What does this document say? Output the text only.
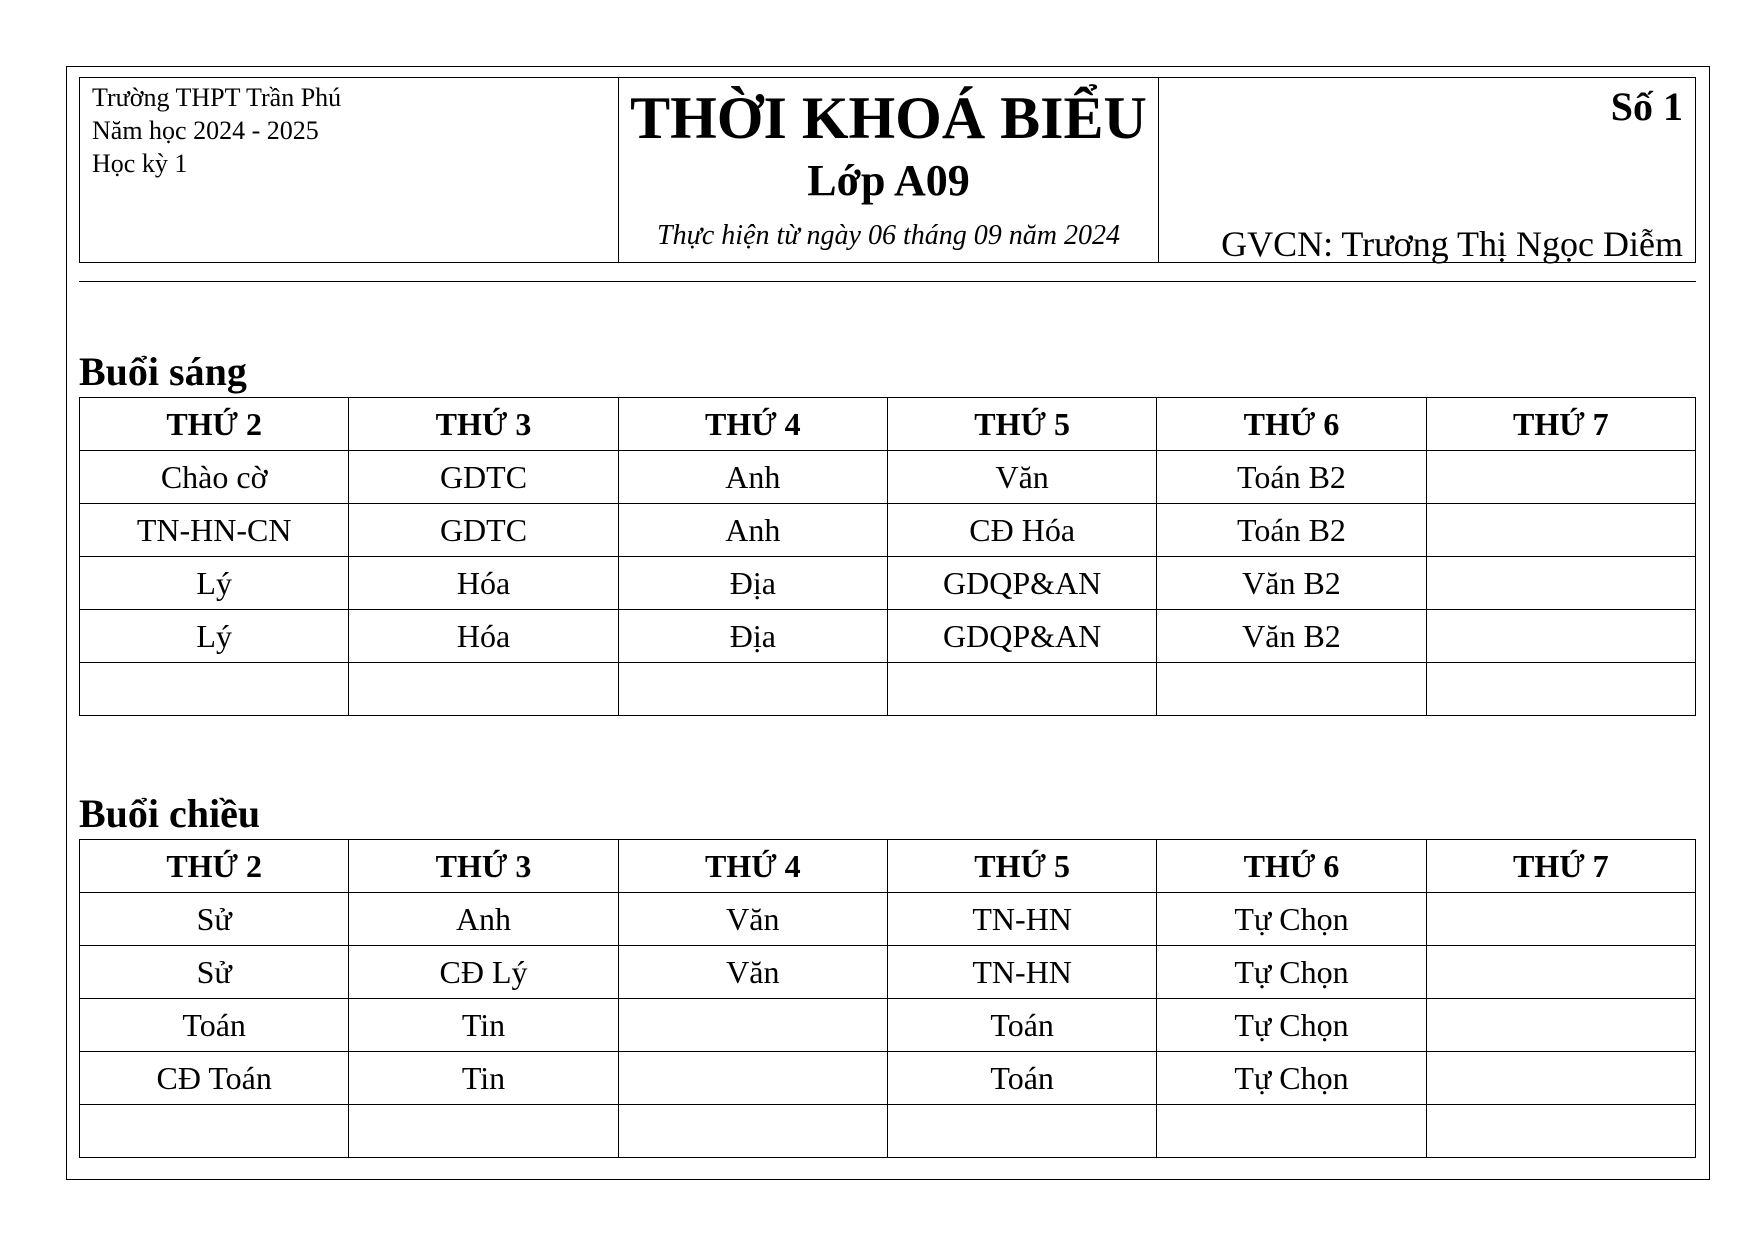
Trường THPT Trần Phú
Năm học 2024 - 2025
Học kỳ 1
THỜI KHOÁ BIỂU
Lớp A09
Thực hiện từ ngày 06 tháng 09 năm 2024
Số 1
GVCN: Trương Thị Ngọc Diễm
Buổi sáng
THỨ 2	THỨ 3	THỨ 4	THỨ 5	THỨ 6	THỨ 7
Chào cờ	GDTC	Anh	Văn	Toán B2	
TN-HN-CN	GDTC	Anh	CĐ Hóa	Toán B2	
Lý	Hóa	Địa	GDQP&AN	Văn B2	
Lý	Hóa	Địa	GDQP&AN	Văn B2	

Buổi chiều
THỨ 2	THỨ 3	THỨ 4	THỨ 5	THỨ 6	THỨ 7
Sử	Anh	Văn	TN-HN	Tự Chọn	
Sử	CĐ Lý	Văn	TN-HN	Tự Chọn	
Toán	Tin		Toán	Tự Chọn	
CĐ Toán	Tin		Toán	Tự Chọn	
